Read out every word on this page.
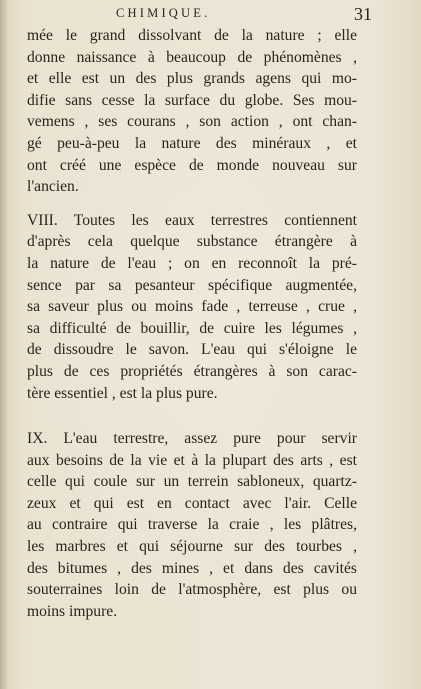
CHIMIQUE.	31
mée le grand dissolvant de la nature ; elle
donne naissance à beaucoup de phénomènes ,
et elle est un des plus grands agens qui mo-
difie sans cesse la surface du globe. Ses mou-
vemens , ses courans , son action , ont chan-
gé peu-à-peu la nature des minéraux , et
ont créé une espèce de monde nouveau sur
l'ancien.
VIII. Toutes les eaux terrestres contiennent
d'après cela quelque substance étrangère à
la nature de l'eau ; on en reconnoît la pré-
sence par sa pesanteur spécifique augmentée,
sa saveur plus ou moins fade , terreuse , crue ,
sa difficulté de bouillir, de cuire les légumes ,
de dissoudre le savon. L'eau qui s'éloigne le
plus de ces propriétés étrangères à son carac-
tère essentiel , est la plus pure.
IX. L'eau terrestre, assez pure pour servir
aux besoins de la vie et à la plupart des arts , est
celle qui coule sur un terrein sabloneux, quartz-
zeux et qui est en contact avec l'air. Celle
au contraire qui traverse la craie , les plâtres,
les marbres et qui séjourne sur des tourbes ,
des bitumes , des mines , et dans des cavités
souterraines loin de l'atmosphère, est plus ou
moins impure.
